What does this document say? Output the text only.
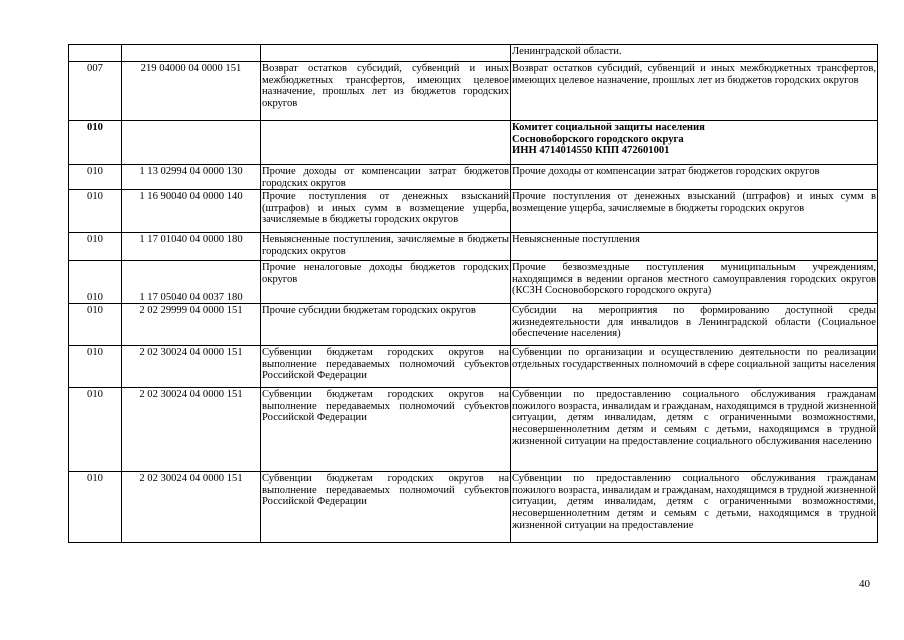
			Ленинградской области.
007	219 04000 04 0000 151	Возврат остатков субсидий, субвенций и иных межбюджетных трансфертов, имеющих целевое назначение, прошлых лет из бюджетов городских округов	Возврат остатков субсидий, субвенций и иных межбюджетных трансфертов, имеющих целевое назначение, прошлых лет из бюджетов городских округов
010			Комитет социальной защиты населения
Сосновоборского городского округа
ИНН 4714014550 КПП 472601001

010	1 13 02994 04 0000 130	Прочие доходы от компенсации затрат бюджетов городских округов	Прочие доходы от компенсации затрат бюджетов городских округов
010	1 16 90040 04 0000 140	Прочие поступления от денежных взысканий (штрафов) и иных сумм в возмещение ущерба, зачисляемые в бюджеты городских округов	Прочие поступления от денежных взысканий (штрафов) и иных сумм в возмещение ущерба, зачисляемые в бюджеты городских округов
010	1 17 01040 04 0000 180	Невыясненные поступления, зачисляемые в бюджеты городских округов	Невыясненные поступления
010	1 17 05040 04 0037 180	Прочие неналоговые доходы бюджетов городских округов	Прочие безвозмездные поступления муниципальным учреждениям, находящимся в ведении органов местного самоуправления городских округов (КСЗН Сосновоборского городского округа)
010	2 02 29999 04 0000 151	Прочие субсидии бюджетам городских округов	Субсидии на мероприятия по формированию доступной среды жизнедеятельности для инвалидов в Ленинградской области (Социальное обеспечение населения)
010	2 02 30024 04 0000 151	Субвенции бюджетам городских округов на выполнение передаваемых полномочий субъектов Российской Федерации	Субвенции по организации и осуществлению деятельности по реализации отдельных государственных полномочий в сфере социальной защиты населения
010	2 02 30024 04 0000 151	Субвенции бюджетам городских округов на выполнение передаваемых полномочий субъектов Российской Федерации	Субвенции по предоставлению социального обслуживания гражданам пожилого возраста, инвалидам и гражданам, находящимся в трудной жизненной ситуации, детям инвалидам, детям с ограниченными возможностями, несовершеннолетним детям и семьям с детьми, находящимся в трудной жизненной ситуации на предоставление социального обслуживания населению
010	2 02 30024 04 0000 151	Субвенции бюджетам городских округов на выполнение передаваемых полномочий субъектов Российской Федерации	Субвенции по предоставлению социального обслуживания гражданам пожилого возраста, инвалидам и гражданам, находящимся в трудной жизненной ситуации, детям инвалидам, детям с ограниченными возможностями, несовершеннолетним детям и семьям с детьми, находящимся в трудной жизненной ситуации на предоставление
40
